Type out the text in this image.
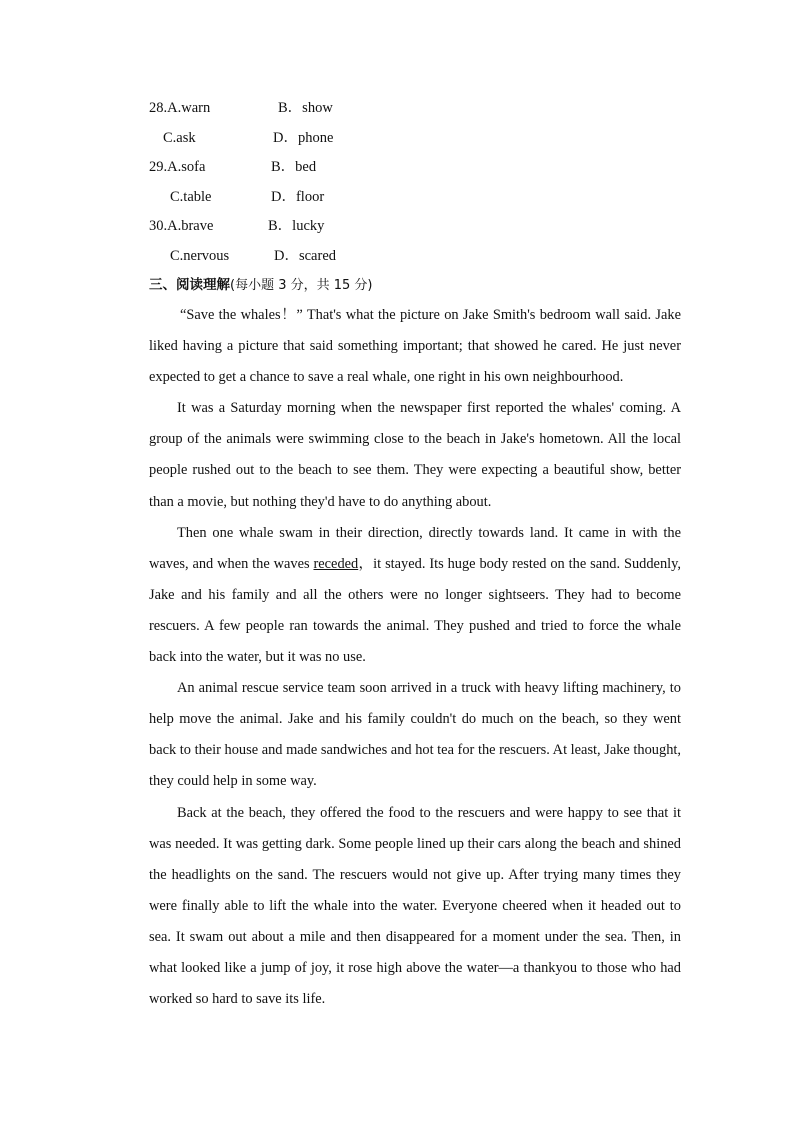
28.A.warn	B．show
C.ask	D．phone
29.A.sofa	B．bed
C.table	D．floor
30.A.brave	B．lucky
C.nervous	D．scared
三、阅读理解(每小题 3 分，共 15 分)

“Save the whales！” That's what the picture on Jake Smith's bedroom wall said. Jake liked having a picture that said something important; that showed he cared. He just never expected to get a chance to save a real whale, one right in his own neighbourhood.

It was a Saturday morning when the newspaper first reported the whales' coming. A group of the animals were swimming close to the beach in Jake's hometown. All the local people rushed out to the beach to see them. They were expecting a beautiful show, better than a movie, but nothing they'd have to do anything about.

Then one whale swam in their direction, directly towards land. It came in with the waves, and when the waves receded，it stayed. Its huge body rested on the sand. Suddenly, Jake and his family and all the others were no longer sightseers. They had to become rescuers. A few people ran towards the animal. They pushed and tried to force the whale back into the water, but it was no use.

An animal rescue service team soon arrived in a truck with heavy lifting machinery, to help move the animal. Jake and his family couldn't do much on the beach, so they went back to their house and made sandwiches and hot tea for the rescuers. At least, Jake thought, they could help in some way.

Back at the beach, they offered the food to the rescuers and were happy to see that it was needed. It was getting dark. Some people lined up their cars along the beach and shined the headlights on the sand. The rescuers would not give up. After trying many times they were finally able to lift the whale into the water. Everyone cheered when it headed out to sea. It swam out about a mile and then disappeared for a moment under the sea. Then, in what looked like a jump of joy, it rose high above the water—a thankyou to those who had worked so hard to save its life.
